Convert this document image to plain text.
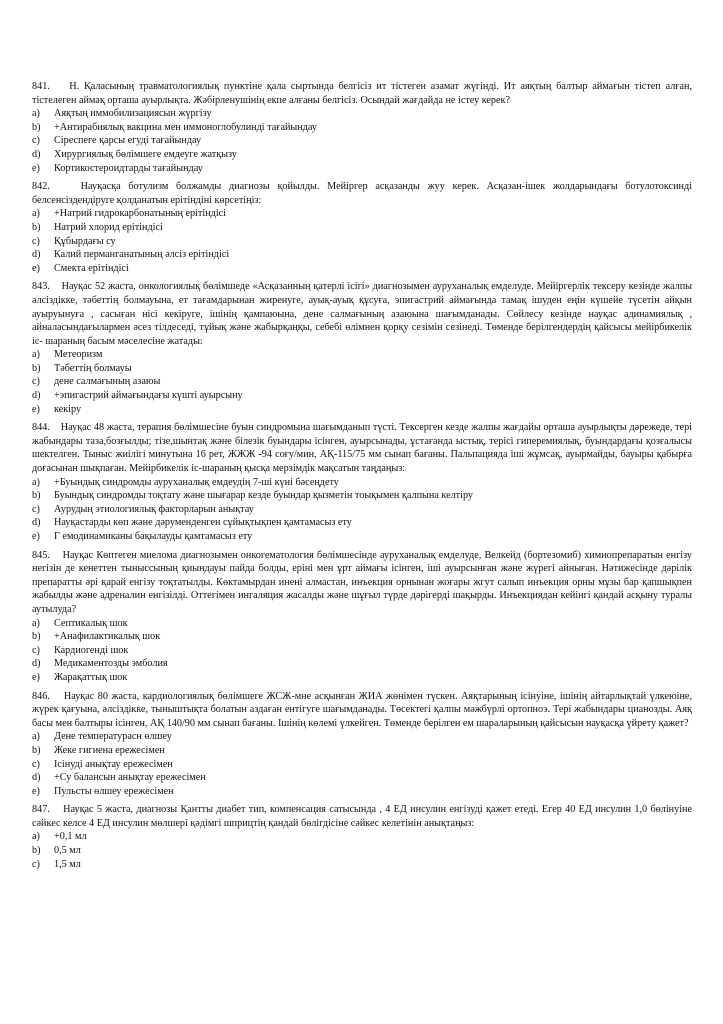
841.    Н. Қаласының травматологиялық пунктіне қала сыртында белгісіз ит тістеген азамат жүгінді. Ит аяқтың балтыр аймағын тістеп алған, тістелеген аймақ орташа ауырлықта. Жәбірленушінің екпе алғаны белгісіз. Осындай жағдайда не істеу керек?

a)	Аяқтың иммобилизациясын жүргізу
b)	+Антирабиялық вакцина мен иммоноглобулинді тағайындау
c)	Сіреспеге қарсы егуді тағайындау
d)	Хирургиялық бөлімшеге емдеуге жатқызу
e)	Кортикостероидтарды тағайындау

842.    Науқасқа ботулизм болжамды диагнозы қойылды. Мейіргер асқазанды жуу керек. Асқазан-ішек жолдарындағы ботулотоксинді белсенсіздендіруге қолданатын ерітіндіні көрсетіңіз:

a)	+Натрий гидрокарбонатының ерітіндісі
b)	Натрий хлорид ерітіндісі
c)	Құбырдағы су
d)	Калий перманганатының әлсіз ерітіндісі
e)	Смекта ерітіндісі

843.    Науқас 52 жаста, онкологиялық бөлімшеде «Асқазанның қатерлі ісігі» диагнозымен ауруханалық емделуде. Мейіргерлік тексеру кезінде жалпы әлсіздікке, тәбеттің болмауына, ет тағамдарынан жиренуге, ауық-ауық құсуға, эпигастрий аймағында тамақ ішуден еңін күшейе түсетін айқын ауыруынуға , сасыған нісі кекіруге, ішінің қампаюына, дене салмағының азаюына шағымданады. Сөйлесу кезінде науқас адинамиялық , айналасындағылармен әсез тілдеседі, тұйық және жабырқаңқы, себебі өлімнен қорқу сезімін сезінеді. Төменде берілгендердің қайсысы мейірбикелік іс- шараның басым мәселесіне жатады:

a)	Метеоризм
b)	Тәбеттің болмауы
c)	дене салмағының азаюы
d)	+эпигастрий аймағындағы күшті ауырсыну
e)	кекіру

844.    Науқас 48 жаста, терапия бөлімшесіне буын синдромына шағымданып түсті. Тексерген кезде жалпы жағдайы орташа ауырлықты дәрежеде, тері жабындары таза,бозғылды; тізе,шынтақ және білезік буындары ісінген, ауырсынады, ұстағанда ыстық, терісі гиперемиялық, буындардағы қозғалысы шектелген. Тыныс жиілігі минутына 16 рет, ЖЖЖ -94 соғу/мин, АҚ-115/75 мм сынап бағаны. Пальпацияда іші жұмсақ, ауырмайды, бауыры қабырға доғасынан шықпаған. Мейірбикелік іс-шараның қысқа мерзімдік мақсатын таңдаңыз:

a)	+Буындық синдромды ауруханалық емдеудің 7-ші күні бәсеңдету
b)	Буындық синдромды тоқтату және шығарар кезде буындар қызметін тоықымен қалпына келтіру
c)	Аурудың этиологиялық факторларын анықтау
d)	Науқастарды көп және дәруменденген сұйықтықпен қамтамасыз ету
e)	Г емодинамиканы бақылауды қамтамасыз ету

845.    Науқас Көптеген миелома диагнозымен онкогематология бөлімшесінде ауруханалық емделуде, Велкейд (бортезомиб) химиопрепаратын енгізу негізін де кенеттен тыныссының қиындауы пайда болды, еріні мен ұрт аймағы ісінген, іші ауырсынған және жүрегі айныған. Нәтижесінде дәрілік препаратты әрі қарай енгізу тоқтатылды. Көктамырдан инені алмастан, инъекция орнынан жоғары жгут салып инъекция орны мұзы бар қапшықпен жабылды және адреналин енгізілді. Оттегімен ингаляция жасалды және шұғыл түрде дәрігерді шақырды. Инъекциядан кейінгі қандай асқыну туралы аутылуда?

a)	Септикалық шок
b)	+Анафилактикалық шок
c)	Кардиогенді шок
d)	Медикаментозды эмболия
e)	Жарақаттық шок

846.    Науқас 80 жаста, кардиологиялық бөлімшеге ЖСЖ-мне асқынған ЖИА жөнімен түскен. Аяқтарының ісінуіне, ішінің айтарлықтай үлкеюіне, жүрек қағуына, әлсіздікке, тыныштықта болатын аздаған ентігуге шағымданады. Төсектегі қалпы мәжбүрлі ортопноэ. Тері жабындары цианозды. Аяқ басы мен балтыры ісінген, АҚ 140/90 мм сынап бағаны. Ішінің көлемі үлкейген. Төменде берілген ем шараларының қайсысын науқасқа үйрету қажет?

a)	Дене температурасн өлшеу
b)	Жеке гигиена ережесімен
c)	Ісінуді анықтау ережесімен
d)	+Су балансын анықтау ережесімен
e)	Пульсты өлшеу ережесімен

847.    Науқас 5 жаста, диагнозы Қантты диабет тип, компенсация сатысында , 4 ЕД инсулин енгізуді қажет етеді. Егер 40 ЕД инсулин 1,0 бөлінуіне сәйкес келсе 4 ЕД инсулин мөлшері қәдімгі шприцтің қандай бөлігдісіне сәйкес келетінін анықтаңыз:

a)	+0,1 мл
b)	0,5 мл
c)	1,5 мл
